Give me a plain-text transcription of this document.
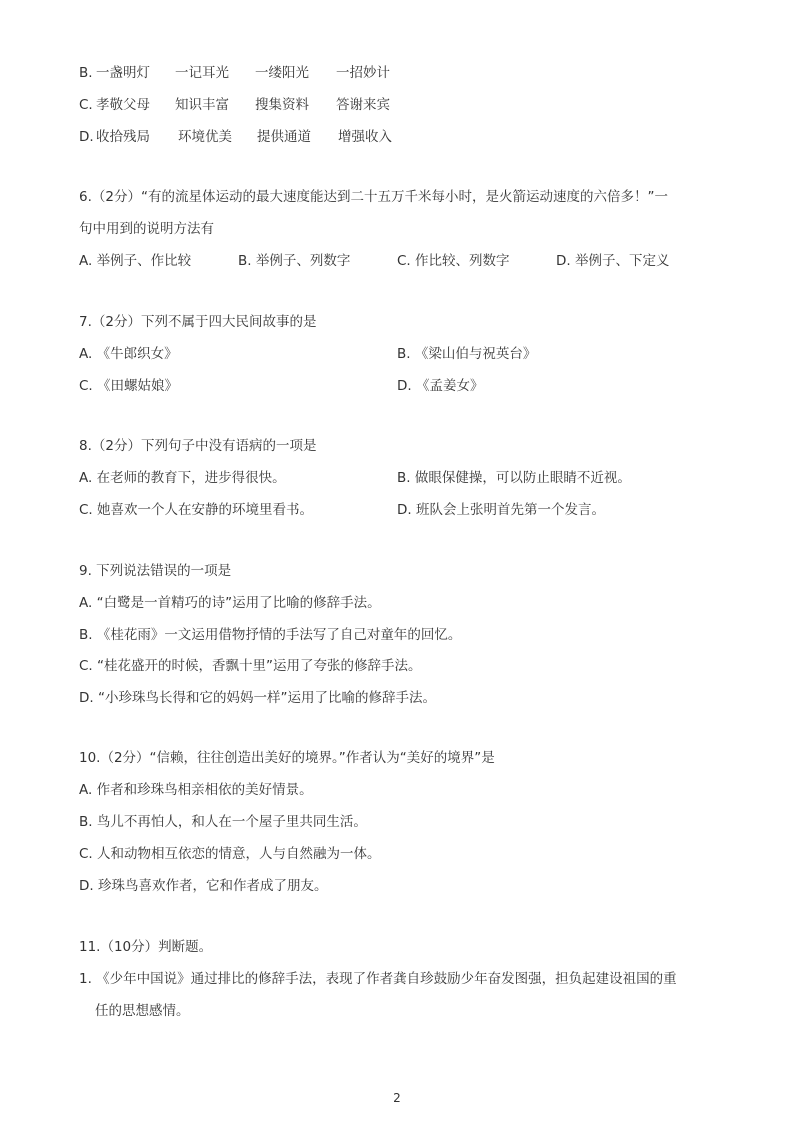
B. 一盏明灯 一记耳光 一缕阳光 一招妙计
C. 孝敬父母 知识丰富 搜集资料 答谢来宾
D. 收拾残局 环境优美 提供通道 增强收入
6.（2分）“有的流星体运动的最大速度能达到二十五万千米每小时，是火箭运动速度的六倍多！”一
句中用到的说明方法有
A. 举例子、作比较	B. 举例子、列数字	C. 作比较、列数字	D. 举例子、下定义
7.（2分）下列不属于四大民间故事的是
A. 《牛郎织女》	B. 《梁山伯与祝英台》
C. 《田螺姑娘》	D. 《孟姜女》
8.（2分）下列句子中没有语病的一项是
A. 在老师的教育下，进步得很快。	B. 做眼保健操，可以防止眼睛不近视。
C. 她喜欢一个人在安静的环境里看书。	D. 班队会上张明首先第一个发言。
9. 下列说法错误的一项是
A. “白鹭是一首精巧的诗”运用了比喻的修辞手法。
B. 《桂花雨》一文运用借物抒情的手法写了自己对童年的回忆。
C. “桂花盛开的时候，香飘十里”运用了夸张的修辞手法。
D. “小珍珠鸟长得和它的妈妈一样”运用了比喻的修辞手法。
10.（2分）“信赖，往往创造出美好的境界。”作者认为“美好的境界”是
A. 作者和珍珠鸟相亲相依的美好情景。
B. 鸟儿不再怕人，和人在一个屋子里共同生活。
C. 人和动物相互依恋的情意，人与自然融为一体。
D. 珍珠鸟喜欢作者，它和作者成了朋友。
11.（10分）判断题。
1. 《少年中国说》通过排比的修辞手法，表现了作者龚自珍鼓励少年奋发图强，担负起建设祖国的重
任的思想感情。
2
